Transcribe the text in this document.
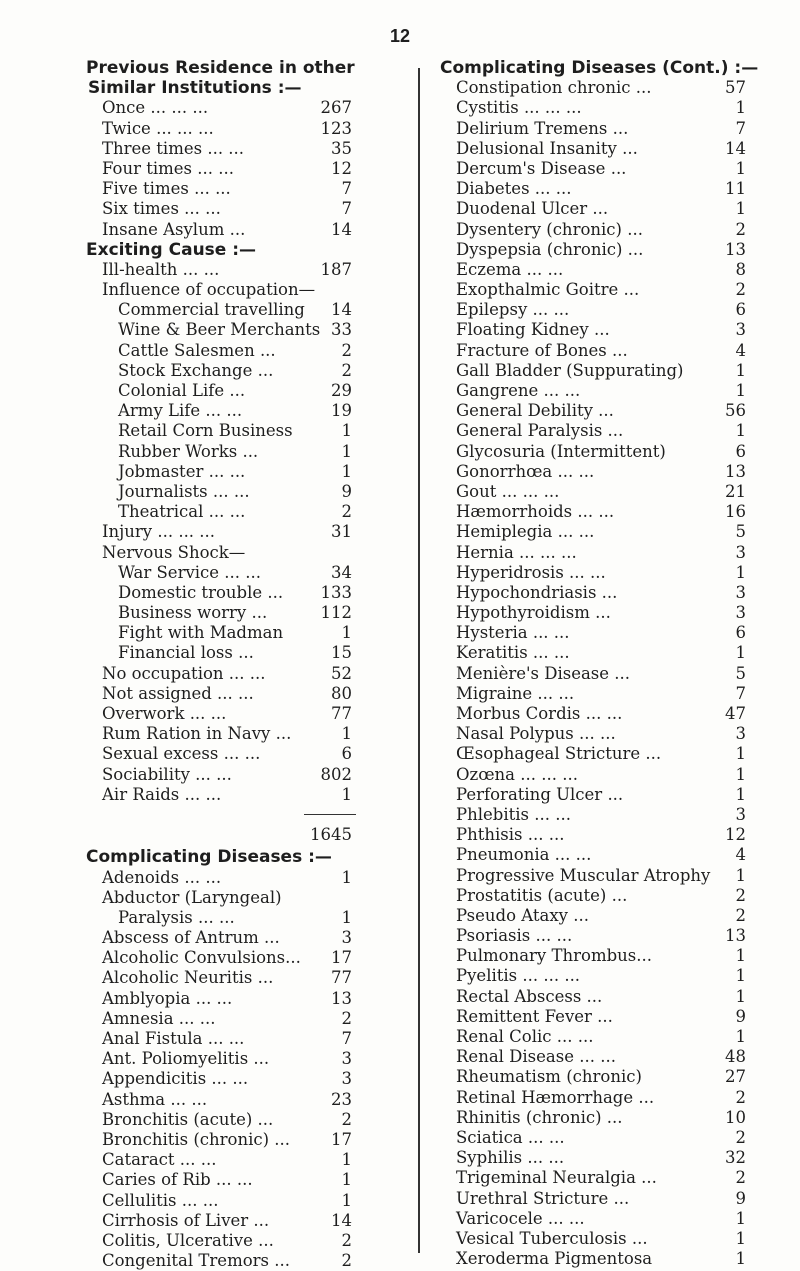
12
Previous Residence in other
Similar Institutions :—
Once ... ... ...	267
Twice ... ... ...	123
Three times ... ...	35
Four times ... ...	12
Five times ... ...	7
Six times ... ...	7
Insane Asylum ...	14
Exciting Cause :—
Ill-health ... ...	187
Influence of occupation—
Commercial travelling	14
Wine & Beer Merchants 33
Cattle Salesmen ...	2
Stock Exchange ...	2
Colonial Life ...	29
Army Life ... ...	19
Retail Corn Business	1
Rubber Works ...	1
Jobmaster ... ...	1
Journalists ... ...	9
Theatrical ... ...	2
Injury ... ... ...	31
Nervous Shock—
War Service ... ...	34
Domestic trouble ...	133
Business worry ...	112
Fight with Madman	1
Financial loss ...	15
No occupation ... ...	52
Not assigned ... ...	80
Overwork ... ...	77
Rum Ration in Navy ...	1
Sexual excess ... ...	6
Sociability ... ...	802
Air Raids ... ...	1
1645
Complicating Diseases :—
Adenoids ... ...	1
Abductor (Laryngeal)
Paralysis ... ...	1
Abscess of Antrum ...	3
Alcoholic Convulsions...	17
Alcoholic Neuritis ...	77
Amblyopia ... ...	13
Amnesia ... ...	2
Anal Fistula ... ...	7
Ant. Poliomyelitis ...	3
Appendicitis ... ...	3
Asthma ... ...	23
Bronchitis (acute) ...	2
Bronchitis (chronic) ...	17
Cataract ... ...	1
Caries of Rib ... ...	1
Cellulitis ... ...	1
Cirrhosis of Liver ...	14
Colitis, Ulcerative ...	2
Congenital Tremors ...	2
Complicating Diseases (Cont.) :—
Constipation chronic ...	57
Cystitis ... ... ...	1
Delirium Tremens ...	7
Delusional Insanity ...	14
Dercum's Disease ...	1
Diabetes ... ...	11
Duodenal Ulcer ...	1
Dysentery (chronic) ...	2
Dyspepsia (chronic) ...	13
Eczema ... ...	8
Exopthalmic Goitre ...	2
Epilepsy ... ...	6
Floating Kidney ...	3
Fracture of Bones ...	4
Gall Bladder (Suppurating)	1
Gangrene ... ...	1
General Debility ...	56
General Paralysis ...	1
Glycosuria (Intermittent)	6
Gonorrhœa ... ...	13
Gout ... ... ...	21
Hæmorrhoids ... ...	16
Hemiplegia ... ...	5
Hernia ... ... ...	3
Hyperidrosis ... ...	1
Hypochondriasis ...	3
Hypothyroidism ...	3
Hysteria ... ...	6
Keratitis ... ...	1
Menière's Disease ...	5
Migraine ... ...	7
Morbus Cordis ... ...	47
Nasal Polypus ... ...	3
Œsophageal Stricture ...	1
Ozœna ... ... ...	1
Perforating Ulcer ...	1
Phlebitis ... ...	3
Phthisis ... ...	12
Pneumonia ... ...	4
Progressive Muscular Atrophy	1
Prostatitis (acute) ...	2
Pseudo Ataxy ...	2
Psoriasis ... ...	13
Pulmonary Thrombus...	1
Pyelitis ... ... ...	1
Rectal Abscess ...	1
Remittent Fever ...	9
Renal Colic ... ...	1
Renal Disease ... ...	48
Rheumatism (chronic)	27
Retinal Hæmorrhage ...	2
Rhinitis (chronic) ...	10
Sciatica ... ...	2
Syphilis ... ...	32
Trigeminal Neuralgia ...	2
Urethral Stricture ...	9
Varicocele ... ...	1
Vesical Tuberculosis ...	1
Xeroderma Pigmentosa	1
